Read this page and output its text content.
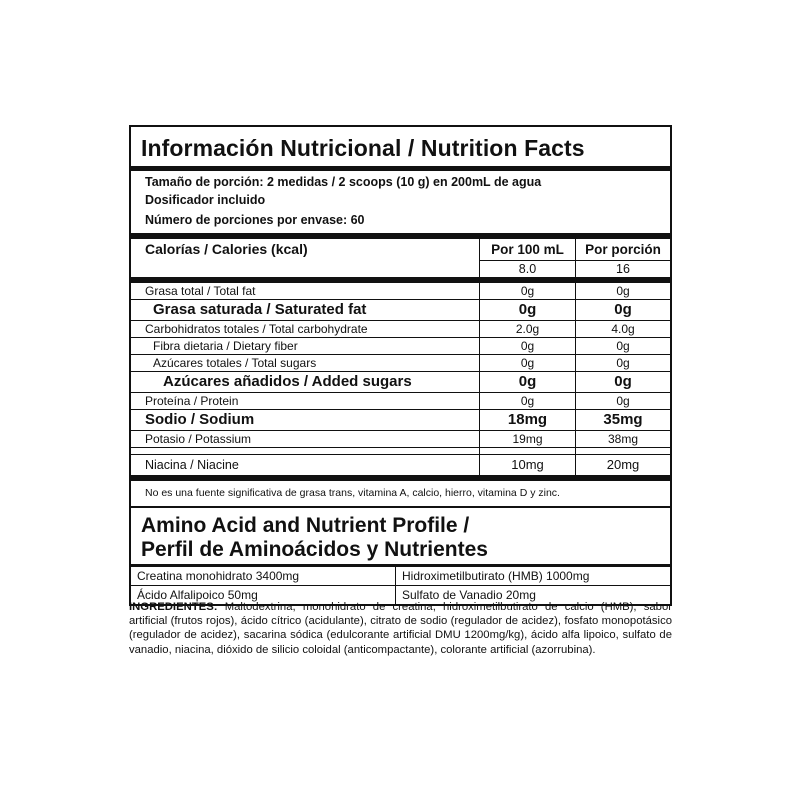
Información Nutricional / Nutrition Facts
Tamaño de porción: 2 medidas / 2 scoops (10 g) en 200mL de agua
Dosificador incluido
Número de porciones por envase: 60
Calorías / Calories (kcal)	Por 100 mL	Por porción
	8.0	16
Grasa total / Total fat	0g	0g
Grasa saturada / Saturated fat	0g	0g
Carbohidratos totales / Total carbohydrate	2.0g	4.0g
Fibra dietaria / Dietary fiber	0g	0g
Azúcares totales / Total sugars	0g	0g
Azúcares añadidos / Added sugars	0g	0g
Proteína / Protein	0g	0g
Sodio / Sodium	18mg	35mg
Potasio / Potassium	19mg	38mg

Niacina / Niacine	10mg	20mg
No es una fuente significativa de grasa trans, vitamina A, calcio, hierro, vitamina D y zinc.
Amino Acid and Nutrient Profile /
Perfil de Aminoácidos y Nutrientes
Creatina monohidrato 3400mg	Hidroximetilbutirato (HMB) 1000mg
Ácido Alfalipoico 50mg	Sulfato de Vanadio 20mg
INGREDIENTES: Maltodextrina, monohidrato de creatina, hidroximetilbutirato de calcio (HMB), sabor artificial (frutos rojos), ácido cítrico (acidulante), citrato de sodio (regulador de acidez), fosfato monopotásico (regulador de acidez), sacarina sódica (edulcorante artificial DMU 1200mg/kg), ácido alfa lipoico, sulfato de vanadio, niacina, dióxido de silicio coloidal (anticompactante), colorante artificial (azorrubina).
